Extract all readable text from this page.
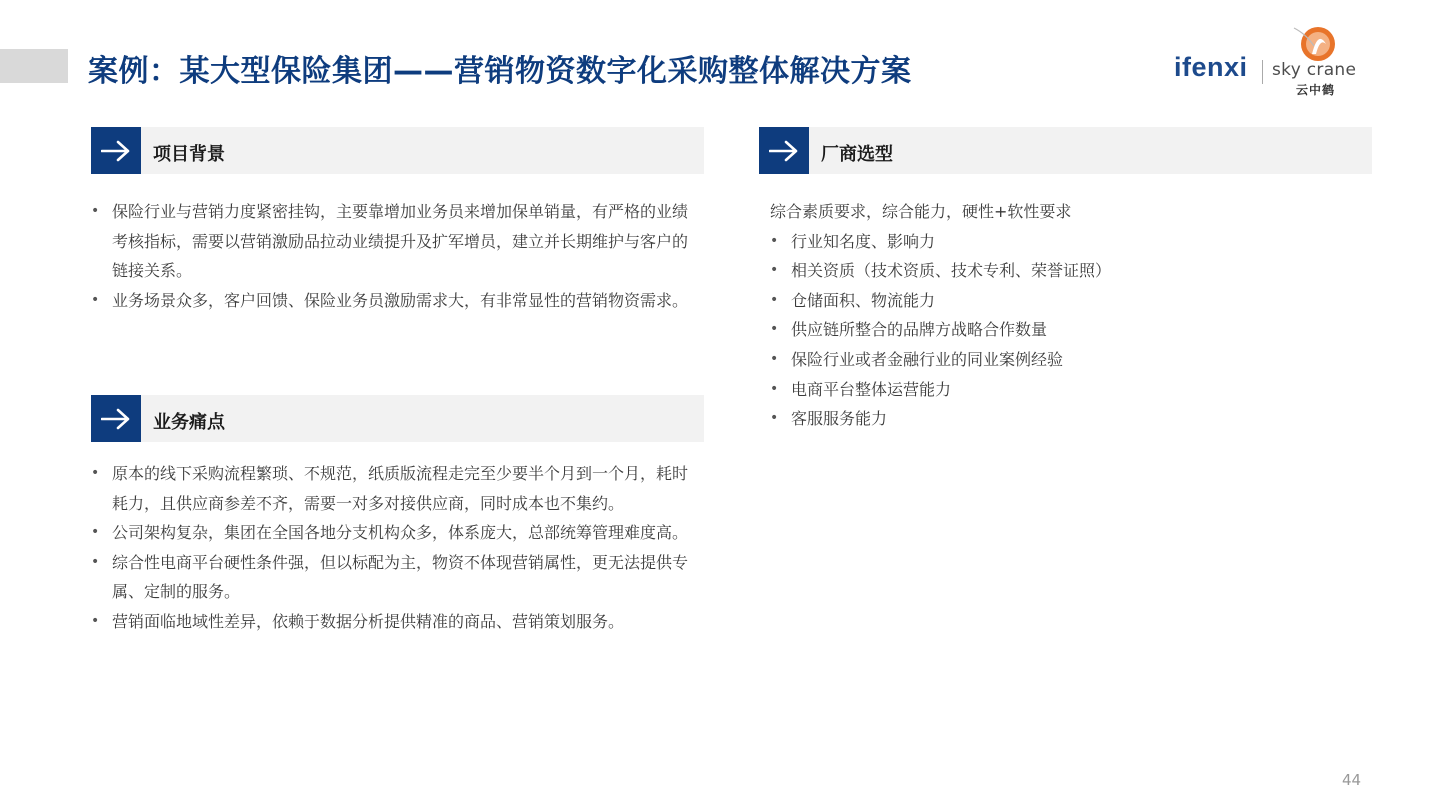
案例：某大型保险集团——营销物资数字化采购整体解决方案	ifenxi sky crane
云中鹤
项目背景
• 保险行业与营销力度紧密挂钩，主要靠增加业务员来增加保单销量，有严格的业绩考核指标，需要以营销激励品拉动业绩提升及扩军增员，建立并长期维护与客户的链接关系。
• 业务场景众多，客户回馈、保险业务员激励需求大，有非常显性的营销物资需求。
业务痛点
• 原本的线下采购流程繁琐、不规范，纸质版流程走完至少要半个月到一个月，耗时耗力，且供应商参差不齐，需要一对多对接供应商，同时成本也不集约。
• 公司架构复杂，集团在全国各地分支机构众多，体系庞大，总部统筹管理难度高。
• 综合性电商平台硬性条件强，但以标配为主，物资不体现营销属性，更无法提供专属、定制的服务。
• 营销面临地域性差异，依赖于数据分析提供精准的商品、营销策划服务。
厂商选型
综合素质要求，综合能力，硬性+软性要求
• 行业知名度、影响力
• 相关资质（技术资质、技术专利、荣誉证照）
• 仓储面积、物流能力
• 供应链所整合的品牌方战略合作数量
• 保险行业或者金融行业的同业案例经验
• 电商平台整体运营能力
• 客服服务能力
44
